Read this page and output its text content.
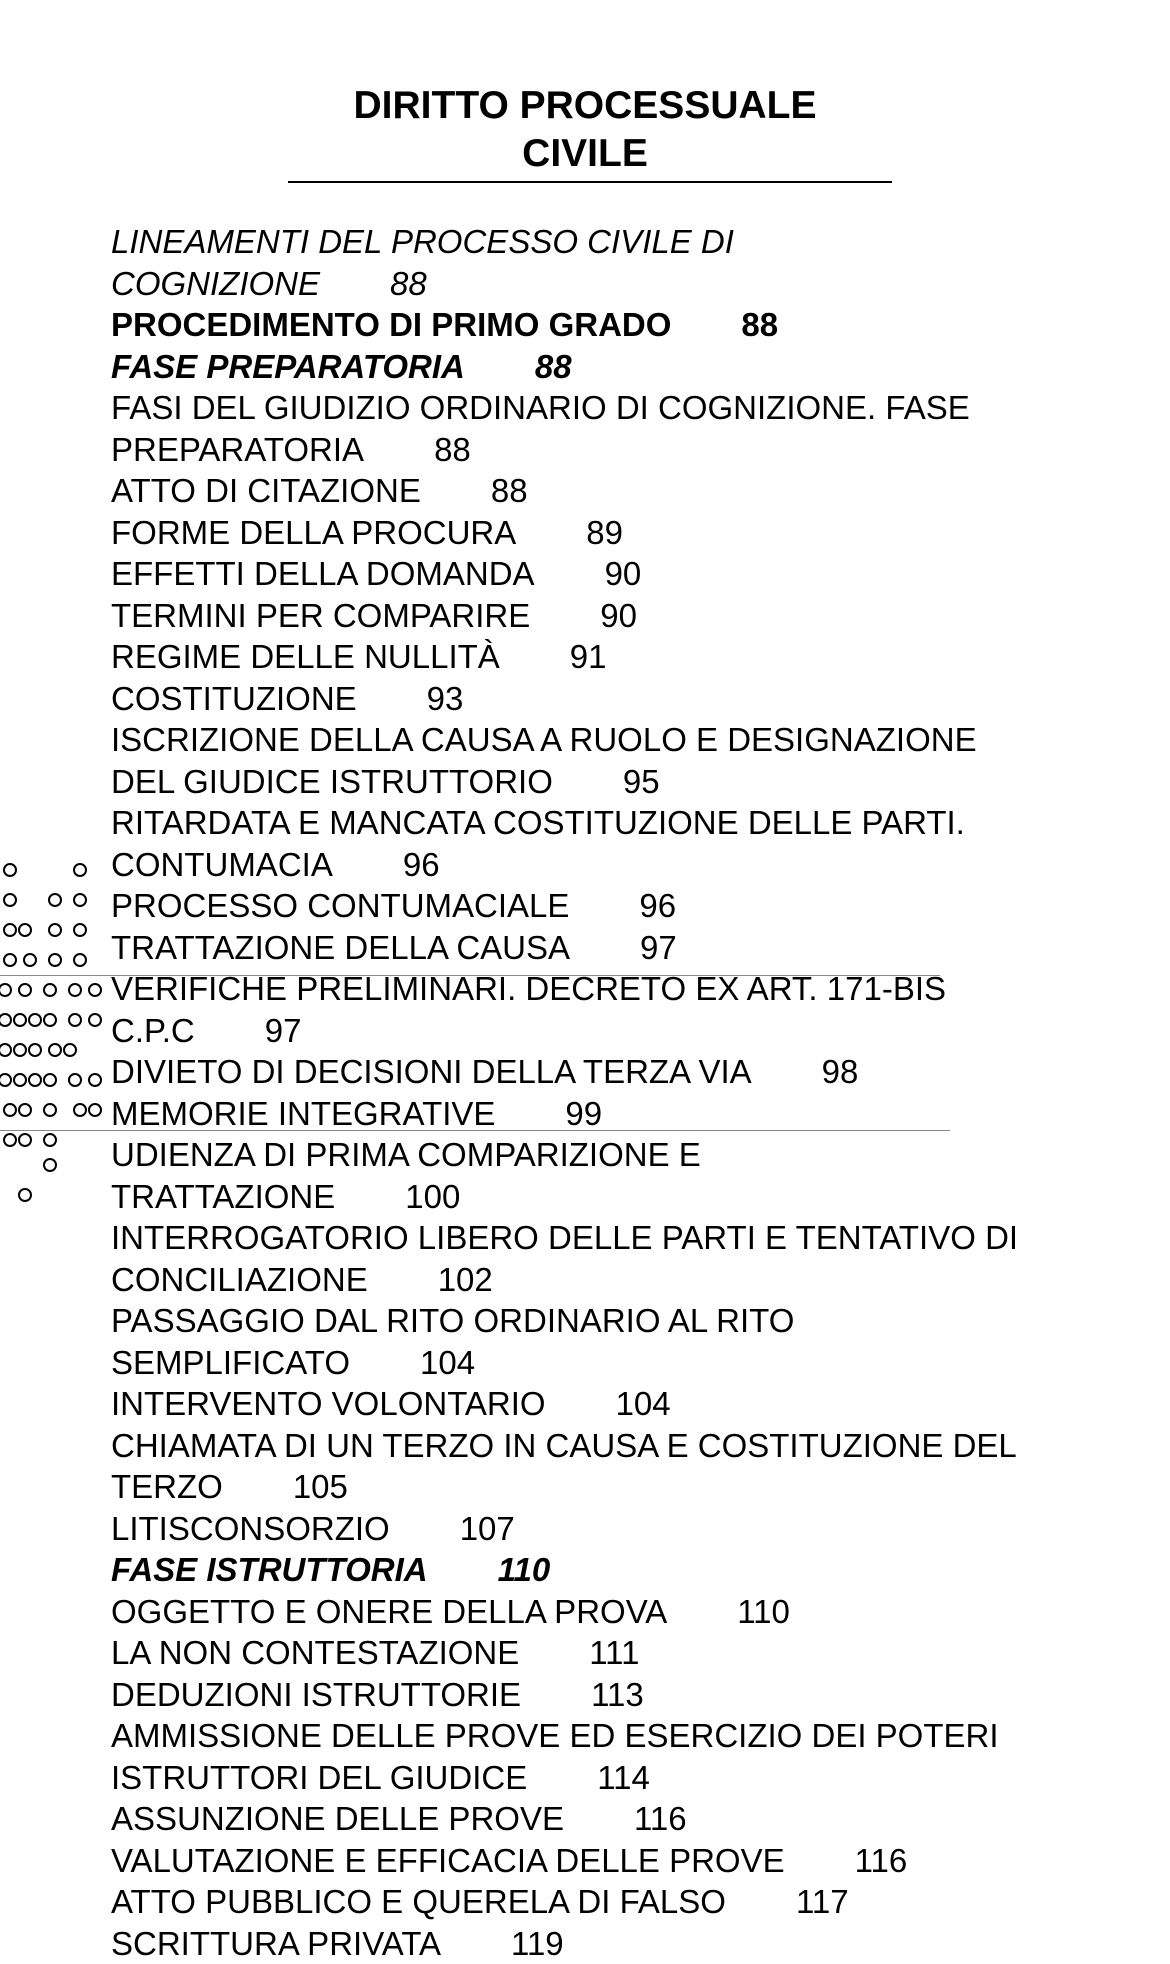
DIRITTO PROCESSUALE
CIVILE
LINEAMENTI DEL PROCESSO CIVILE DI COGNIZIONE 88
PROCEDIMENTO DI PRIMO GRADO 88
FASE PREPARATORIA 88
FASI DEL GIUDIZIO ORDINARIO DI COGNIZIONE. FASE PREPARATORIA 88
ATTO DI CITAZIONE 88
FORME DELLA PROCURA 89
EFFETTI DELLA DOMANDA 90
TERMINI PER COMPARIRE 90
REGIME DELLE NULLITÀ 91
COSTITUZIONE 93
ISCRIZIONE DELLA CAUSA A RUOLO E DESIGNAZIONE DEL GIUDICE ISTRUTTORIO 95
RITARDATA E MANCATA COSTITUZIONE DELLE PARTI. CONTUMACIA 96
PROCESSO CONTUMACIALE 96
TRATTAZIONE DELLA CAUSA 97
VERIFICHE PRELIMINARI. DECRETO EX ART. 171-BIS C.P.C 97
DIVIETO DI DECISIONI DELLA TERZA VIA 98
MEMORIE INTEGRATIVE 99
UDIENZA DI PRIMA COMPARIZIONE E TRATTAZIONE 100
INTERROGATORIO LIBERO DELLE PARTI E TENTATIVO DI CONCILIAZIONE 102
PASSAGGIO DAL RITO ORDINARIO AL RITO SEMPLIFICATO 104
INTERVENTO VOLONTARIO 104
CHIAMATA DI UN TERZO IN CAUSA E COSTITUZIONE DEL TERZO 105
LITISCONSORZIO 107
FASE ISTRUTTORIA 110
OGGETTO E ONERE DELLA PROVA 110
LA NON CONTESTAZIONE 111
DEDUZIONI ISTRUTTORIE 113
AMMISSIONE DELLE PROVE ED ESERCIZIO DEI POTERI ISTRUTTORI DEL GIUDICE 114
ASSUNZIONE DELLE PROVE 116
VALUTAZIONE E EFFICACIA DELLE PROVE 116
ATTO PUBBLICO E QUERELA DI FALSO 117
SCRITTURA PRIVATA 119
